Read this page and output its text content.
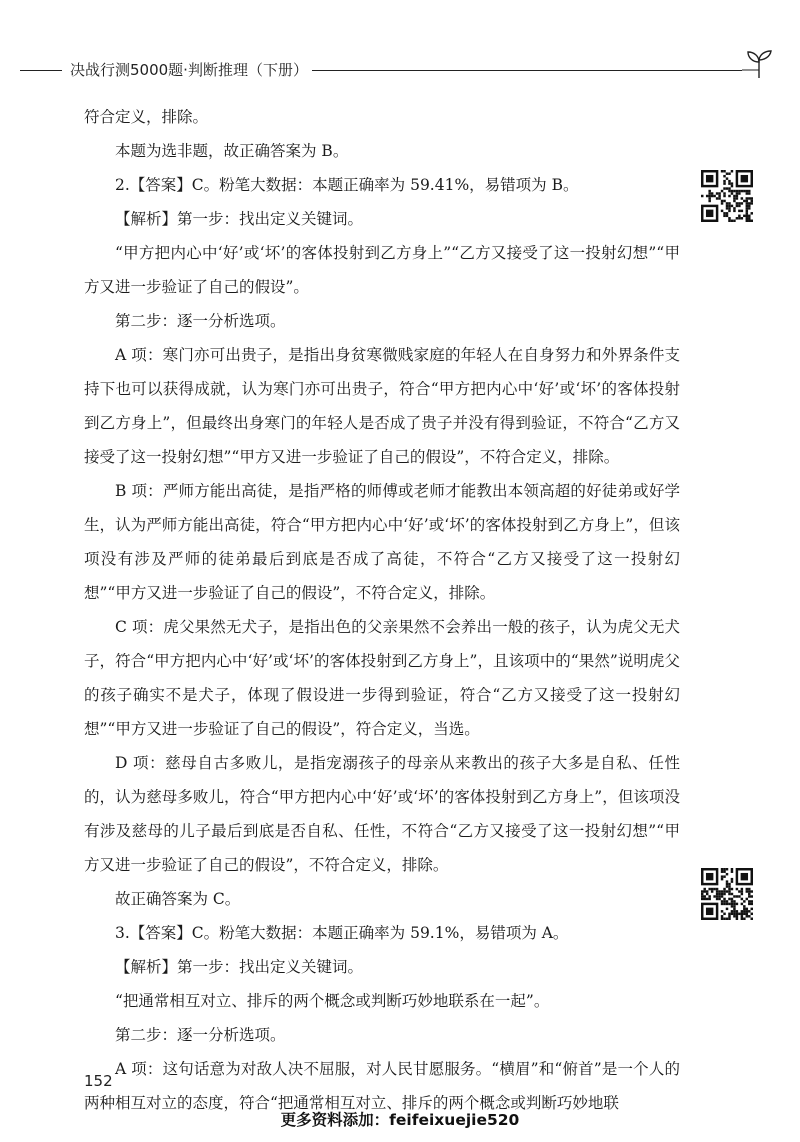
决战行测5000题·判断推理（下册）

符合定义，排除。

本题为选非题，故正确答案为 B。

2.【答案】C。粉笔大数据：本题正确率为 59.41%，易错项为 B。

【解析】第一步：找出定义关键词。

“甲方把内心中‘好’或‘坏’的客体投射到乙方身上”“乙方又接受了这一投射幻想”“甲方又进一步验证了自己的假设”。

第二步：逐一分析选项。

A 项：寒门亦可出贵子，是指出身贫寒微贱家庭的年轻人在自身努力和外界条件支持下也可以获得成就，认为寒门亦可出贵子，符合“甲方把内心中‘好’或‘坏’的客体投射到乙方身上”，但最终出身寒门的年轻人是否成了贵子并没有得到验证，不符合“乙方又接受了这一投射幻想”“甲方又进一步验证了自己的假设”，不符合定义，排除。

B 项：严师方能出高徒，是指严格的师傅或老师才能教出本领高超的好徒弟或好学生，认为严师方能出高徒，符合“甲方把内心中‘好’或‘坏’的客体投射到乙方身上”，但该项没有涉及严师的徒弟最后到底是否成了高徒，不符合“乙方又接受了这一投射幻想”“甲方又进一步验证了自己的假设”，不符合定义，排除。

C 项：虎父果然无犬子，是指出色的父亲果然不会养出一般的孩子，认为虎父无犬子，符合“甲方把内心中‘好’或‘坏’的客体投射到乙方身上”，且该项中的“果然”说明虎父的孩子确实不是犬子，体现了假设进一步得到验证，符合“乙方又接受了这一投射幻想”“甲方又进一步验证了自己的假设”，符合定义，当选。

D 项：慈母自古多败儿，是指宠溺孩子的母亲从来教出的孩子大多是自私、任性的，认为慈母多败儿，符合“甲方把内心中‘好’或‘坏’的客体投射到乙方身上”，但该项没有涉及慈母的儿子最后到底是否自私、任性，不符合“乙方又接受了这一投射幻想”“甲方又进一步验证了自己的假设”，不符合定义，排除。

故正确答案为 C。

3.【答案】C。粉笔大数据：本题正确率为 59.1%，易错项为 A。

【解析】第一步：找出定义关键词。

“把通常相互对立、排斥的两个概念或判断巧妙地联系在一起”。

第二步：逐一分析选项。

A 项：这句话意为对敌人决不屈服，对人民甘愿服务。“横眉”和“俯首”是一个人的两种相互对立的态度，符合“把通常相互对立、排斥的两个概念或判断巧妙地联

152
更多资料添加：feifeixuejie520
